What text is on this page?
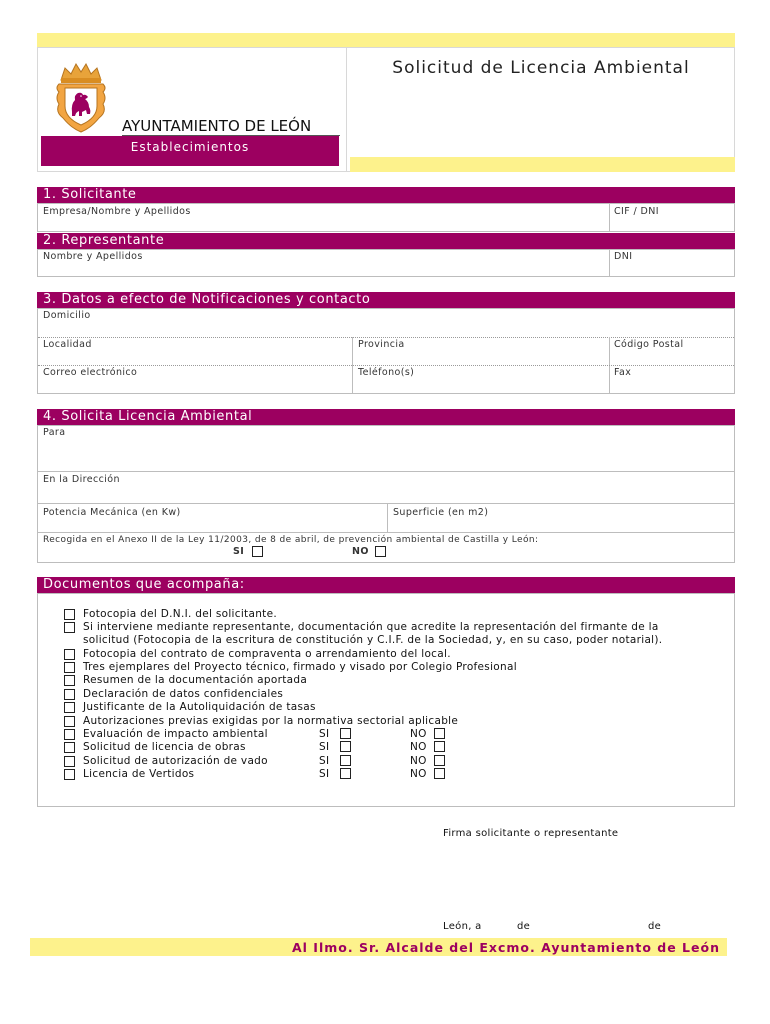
Solicitud de Licencia Ambiental
AYUNTAMIENTO DE LEÓN
Establecimientos
1. Solicitante
Empresa/Nombre y Apellidos	CIF / DNI
2. Representante
Nombre y Apellidos	DNI
3. Datos a efecto de Notificaciones y contacto
Domicilio
Localidad	Provincia	Código Postal
Correo electrónico	Teléfono(s)	Fax
4. Solicita Licencia Ambiental
Para
En la Dirección
Potencia Mecánica (en Kw)	Superficie (en m2)
Recogida en el Anexo II de la Ley 11/2003, de 8 de abril, de prevención ambiental de Castilla y León:
SI	NO
Documentos que acompaña:
Fotocopia del D.N.I. del solicitante.
Si interviene mediante representante, documentación que acredite la representación del firmante de la
solicitud (Fotocopia de la escritura de constitución y C.I.F. de la Sociedad, y, en su caso, poder notarial).
Fotocopia del contrato de compraventa o arrendamiento del local.
Tres ejemplares del Proyecto técnico, firmado y visado por Colegio Profesional
Resumen de la documentación aportada
Declaración de datos confidenciales
Justificante de la Autoliquidación de tasas
Autorizaciones previas exigidas por la normativa sectorial aplicable
Evaluación de impacto ambiental	SI	NO
Solicitud de licencia de obras	SI	NO
Solicitud de autorización de vado	SI	NO
Licencia de Vertidos	SI	NO
Firma solicitante o representante
León, a	de	de
Al Ilmo. Sr. Alcalde del Excmo. Ayuntamiento de León
